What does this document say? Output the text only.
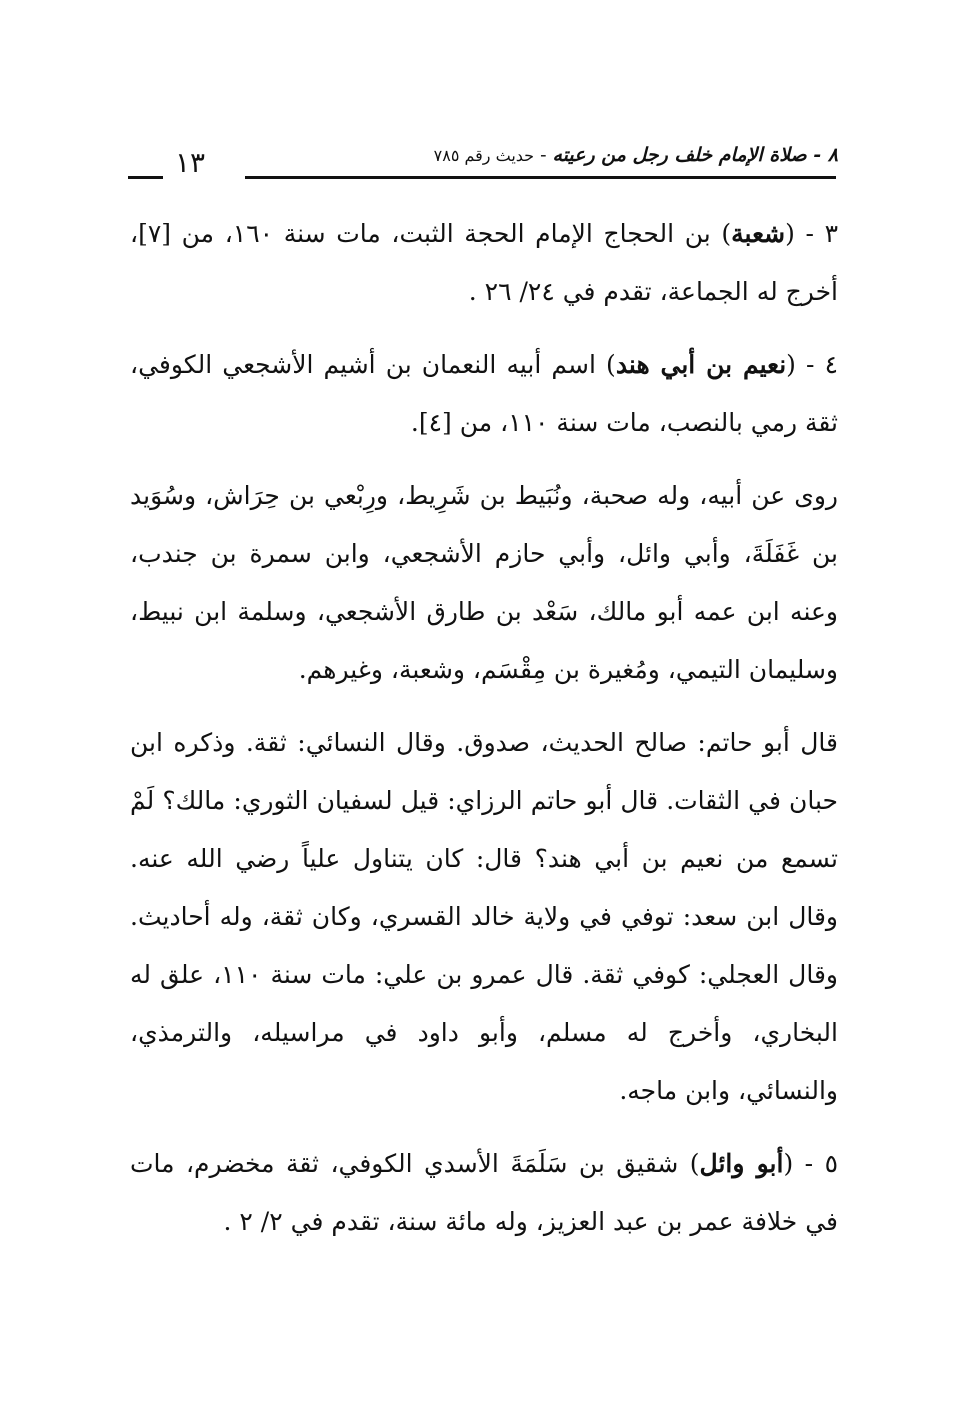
٨ - صلاة الإمام خلف رجل من رعيته-حديث رقم ٧٨٥
١٣

٣ - (شعبة) بن الحجاج الإمام الحجة الثبت، مات سنة ١٦٠، من [٧]، أخرج له الجماعة، تقدم في ٢٤/ ٢٦ .

٤ - (نعيم بن أبي هند) اسم أبيه النعمان بن أشيم الأشجعي الكوفي، ثقة رمي بالنصب، مات سنة ١١٠، من [٤].

روى عن أبيه، وله صحبة، ونُبَيط بن شَرِيط، ورِبْعي بن حِرَاش، وسُوَيد بن غَفَلَةَ، وأبي وائل، وأبي حازم الأشجعي، وابن سمرة بن جندب، وعنه ابن عمه أبو مالك، سَعْد بن طارق الأشجعي، وسلمة ابن نبيط، وسليمان التيمي، ومُغيرة بن مِقْسَم، وشعبة، وغيرهم.

قال أبو حاتم: صالح الحديث، صدوق. وقال النسائي: ثقة. وذكره ابن حبان في الثقات. قال أبو حاتم الرزاي: قيل لسفيان الثوري: مالك؟ لَمْ تسمع من نعيم بن أبي هند؟ قال: كان يتناول علياً رضي الله عنه. وقال ابن سعد: توفي في ولاية خالد القسري، وكان ثقة، وله أحاديث. وقال العجلي: كوفي ثقة. قال عمرو بن علي: مات سنة ١١٠، علق له البخاري، وأخرج له مسلم، وأبو داود في مراسيله، والترمذي، والنسائي، وابن ماجه.

٥ - (أبو وائل) شقيق بن سَلَمَةَ الأسدي الكوفي، ثقة مخضرم، مات في خلافة عمر بن عبد العزيز، وله مائة سنة، تقدم في ٢/ ٢ .
